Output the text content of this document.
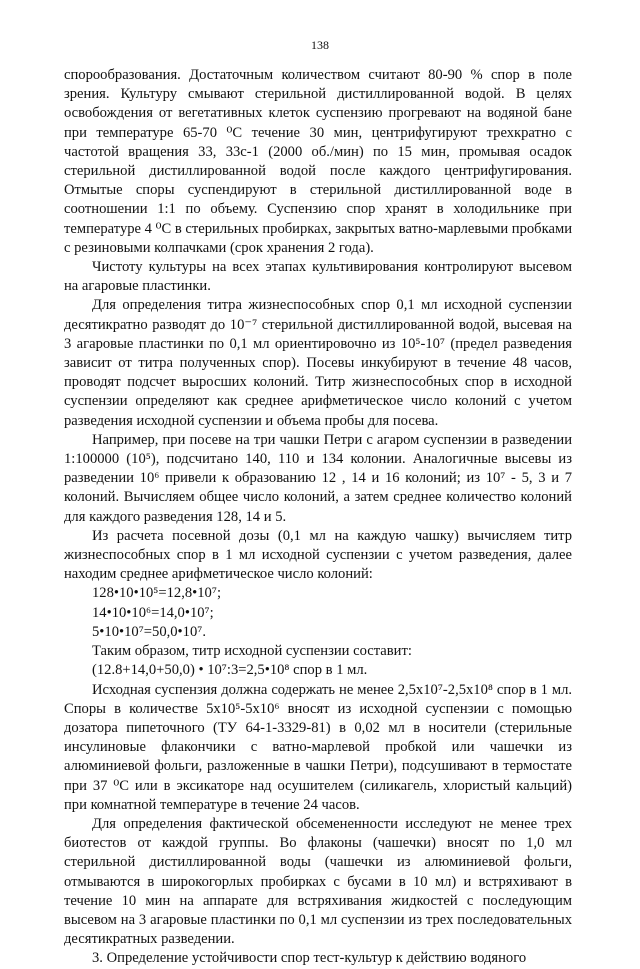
138

спорообразования. Достаточным количеством считают 80-90 % спор в поле зрения. Культуру смывают стерильной дистиллированной водой. В целях освобождения от вегетативных клеток суспензию прогревают на водяной бане при температуре 65-70 ⁰С течение 30 мин, центрифугируют трехкратно с частотой вращения 33, 33с-1 (2000 об./мин) по 15 мин, промывая осадок стерильной дистиллированной водой после каждого центрифугирования. Отмытые споры суспендируют в стерильной дистиллированной воде в соотношении 1:1 по объему. Суспензию спор хранят в холодильнике при температуре 4 ⁰С в стерильных пробирках, закрытых ватно-марлевыми пробками с резиновыми колпачками (срок хранения 2 года).

Чистоту культуры на всех этапах культивирования контролируют высевом на агаровые пластинки.

Для определения титра жизнеспособных спор 0,1 мл исходной суспензии десятикратно разводят до 10⁻⁷ стерильной дистиллированной водой, высевая на 3 агаровые пластинки по 0,1 мл ориентировочно из 10⁵-10⁷ (предел разведения зависит от титра полученных спор). Посевы инкубируют в течение 48 часов, проводят подсчет выросших колоний. Титр жизнеспособных спор в исходной суспензии определяют как среднее арифметическое число колоний с учетом разведения исходной суспензии и объема пробы для посева.

Например, при посеве на три чашки Петри с агаром суспензии в разведении 1:100000 (10⁵), подсчитано 140, 110 и 134 колонии. Аналогичные высевы из разведении 10⁶ привели к образованию 12 , 14 и 16 колоний; из 10⁷ - 5, 3 и 7 колоний. Вычисляем общее число колоний, а затем среднее количество колоний для каждого разведения 128, 14 и 5.

Из расчета посевной дозы (0,1 мл на каждую чашку) вычисляем титр жизнеспособных спор в 1 мл исходной суспензии с учетом разведения, далее находим среднее арифметическое число колоний:

128•10•10⁵=12,8•10⁷;

14•10•10⁶=14,0•10⁷;

5•10•10⁷=50,0•10⁷.

Таким образом, титр исходной суспензии составит:

(12.8+14,0+50,0) • 10⁷:3=2,5•10⁸ спор в 1 мл.

Исходная суспензия должна содержать не менее 2,5x10⁷-2,5x10⁸ спор в 1 мл. Споры в количестве 5x10⁵-5x10⁶ вносят из исходной суспензии с помощью дозатора пипеточного (ТУ 64-1-3329-81) в 0,02 мл в носители (стерильные инсулиновые флакончики с ватно-марлевой пробкой или чашечки из алюминиевой фольги, разложенные в чашки Петри), подсушивают в термостате при 37 ⁰С или в эксикаторе над осушителем (силикагель, хлористый кальций) при комнатной температуре в течение 24 часов.

Для определения фактической обсемененности исследуют не менее трех биотестов от каждой группы. Во флаконы (чашечки) вносят по 1,0 мл стерильной дистиллированной воды (чашечки из алюминиевой фольги, отмываются в широкогорлых пробирках с бусами в 10 мл) и встряхивают в течение 10 мин на аппарате для встряхивания жидкостей с последующим высевом на 3 агаровые пластинки по 0,1 мл суспензии из трех последовательных десятикратных разведении.

3. Определение устойчивости спор тест-культур к действию водяного
